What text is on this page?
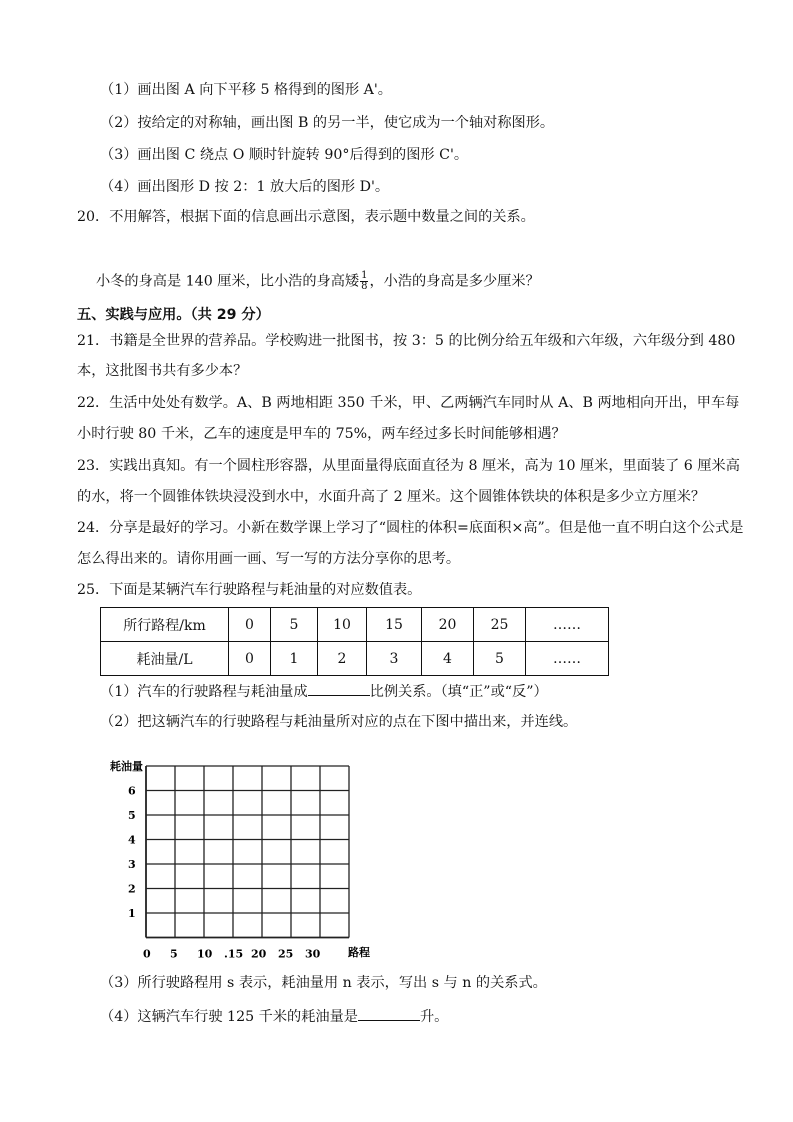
（1）画出图 A 向下平移 5 格得到的图形 A'。
（2）按给定的对称轴，画出图 B 的另一半，使它成为一个轴对称图形。
（3）画出图 C 绕点 O 顺时针旋转 90°后得到的图形 C'。
（4）画出图形 D 按 2：1 放大后的图形 D'。
20．不用解答，根据下面的信息画出示意图，表示题中数量之间的关系。
小冬的身高是 140 厘米，比小浩的身高矮 $\frac{1}{8}$ ，小浩的身高是多少厘米？
五、实践与应用。（共 29 分）
21．书籍是全世界的营养品。学校购进一批图书，按 3：5 的比例分给五年级和六年级，六年级分到 480
本，这批图书共有多少本？
22．生活中处处有数学。A、B 两地相距 350 千米，甲、乙两辆汽车同时从 A、B 两地相向开出，甲车每
小时行驶 80 千米，乙车的速度是甲车的 75%，两车经过多长时间能够相遇？
23．实践出真知。有一个圆柱形容器，从里面量得底面直径为 8 厘米，高为 10 厘米，里面装了 6 厘米高
的水，将一个圆锥体铁块浸没到水中，水面升高了 2 厘米。这个圆锥体铁块的体积是多少立方厘米？
24．分享是最好的学习。小新在数学课上学习了“圆柱的体积=底面积×高”。但是他一直不明白这个公式是
怎么得出来的。请你用画一画、写一写的方法分享你的思考。
25．下面是某辆汽车行驶路程与耗油量的对应数值表。
所行路程/km	0	5	10	15	20	25	……
耗油量/L	0	1	2	3	4	5	……
（1）汽车的行驶路程与耗油量成	比例关系。（填“正”或“反”）
（2）把这辆汽车的行驶路程与耗油量所对应的点在下图中描出来，并连线。
1
2
3
4
5
6
0 5 10 .15 20 25 30
耗油量
路程
（3）所行驶路程用 s 表示，耗油量用 n 表示，写出 s 与 n 的关系式。
（4）这辆汽车行驶 125 千米的耗油量是	升。
